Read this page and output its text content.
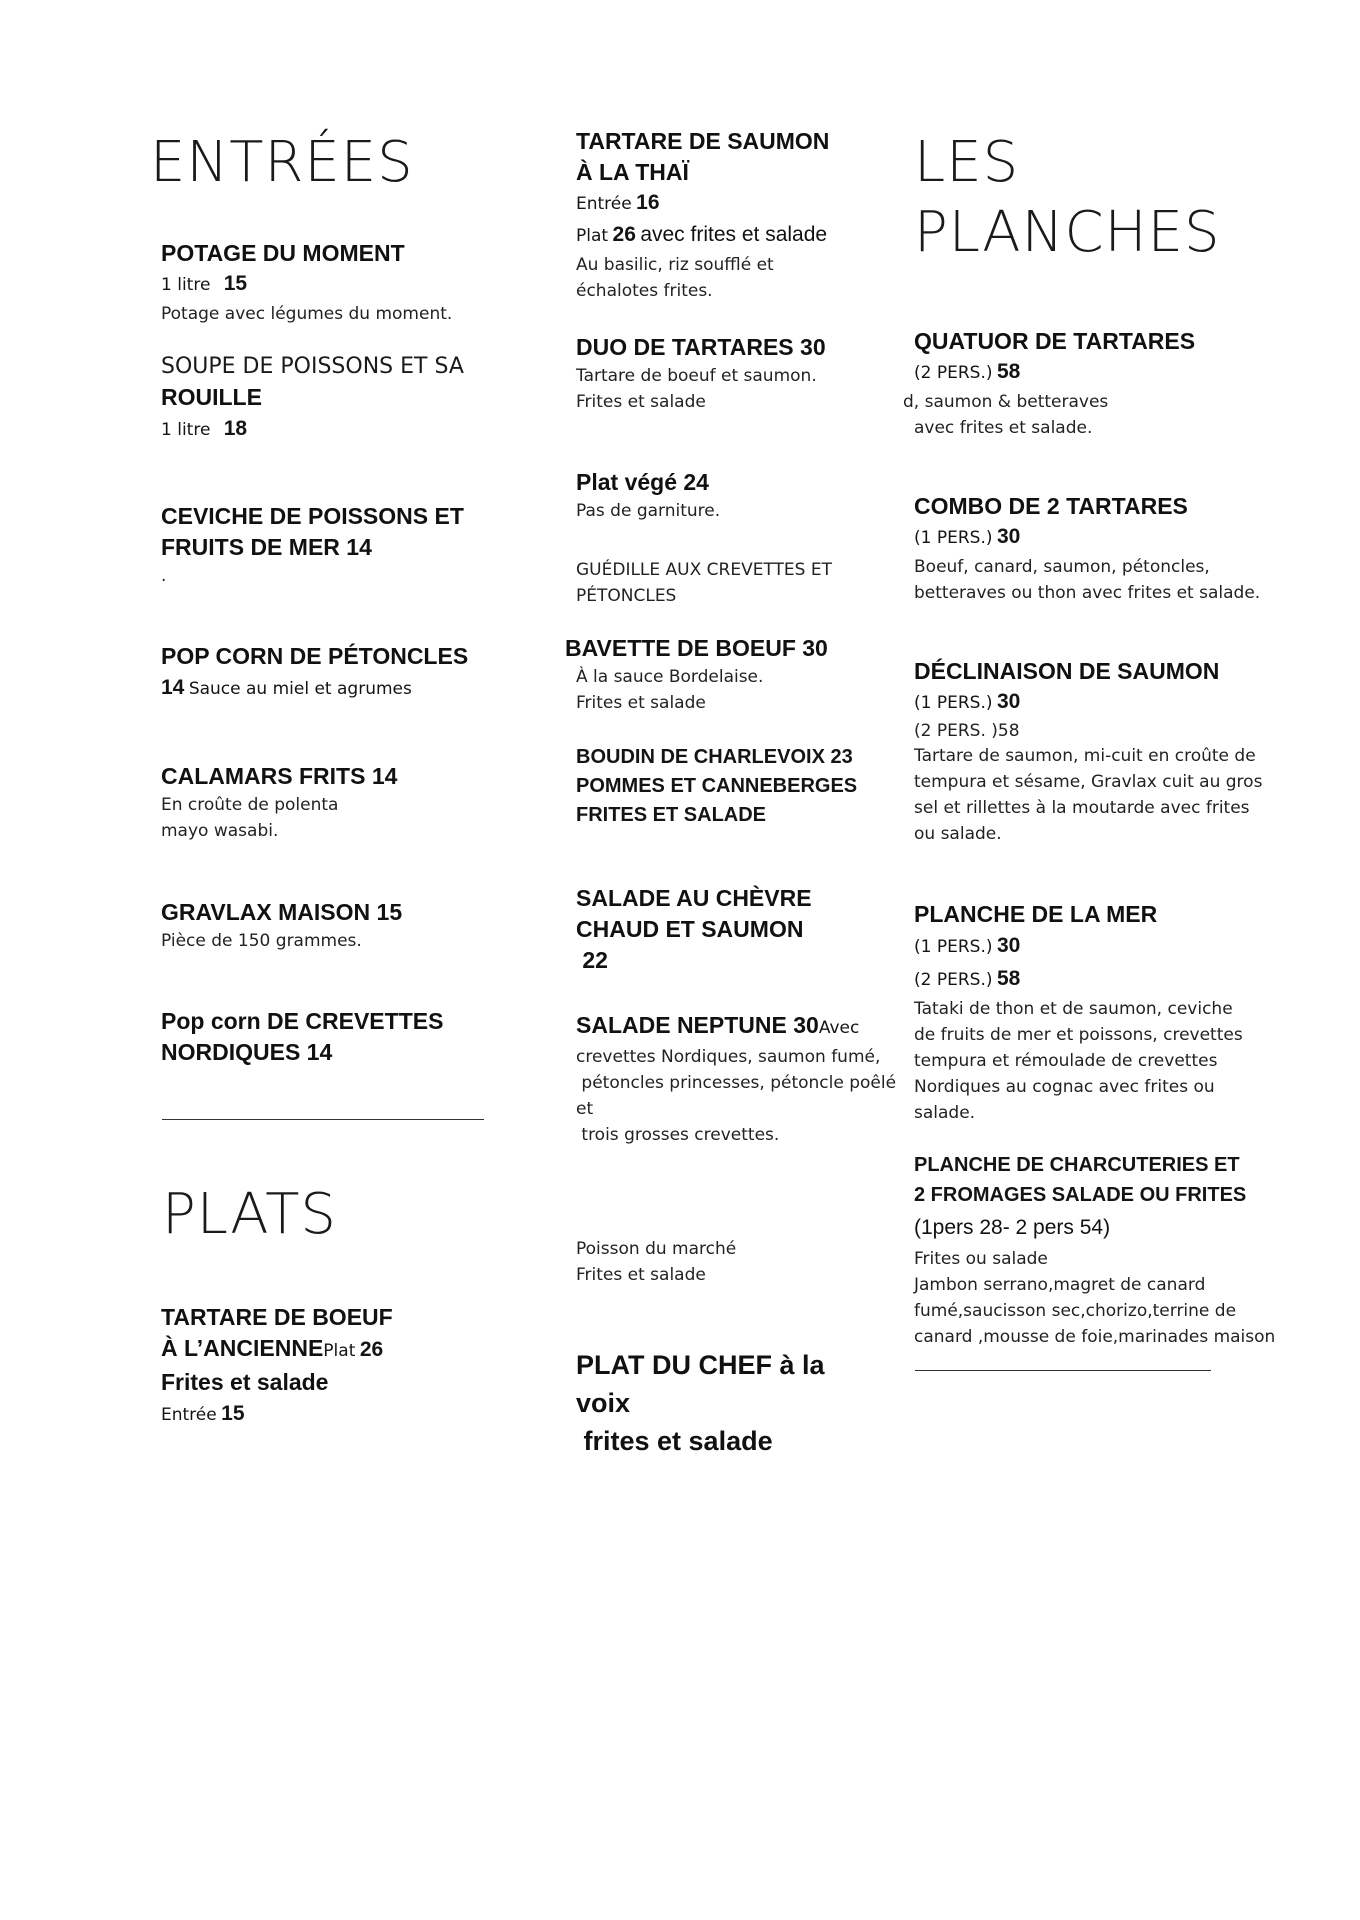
ENTRÉES
POTAGE DU MOMENT
1 litre 15
Potage avec légumes du moment.
SOUPE DE POISSONS ET SA
ROUILLE
1 litre 18
CEVICHE DE POISSONS ET
FRUITS DE MER 14
.
POP CORN DE PÉTONCLES
14 Sauce au miel et agrumes
CALAMARS FRITS 14
En croûte de polenta
mayo wasabi.
GRAVLAX MAISON 15
Pièce de 150 grammes.
Pop corn DE CREVETTES
NORDIQUES 14
PLATS
TARTARE DE BOEUF
À L’ANCIENNEPlat 26
Frites et salade
Entrée 15
TARTARE DE SAUMON
À LA THAÏ
Entrée 16
Plat 26 avec frites et salade
Au basilic, riz soufflé et
échalotes frites.
DUO DE TARTARES 30
Tartare de boeuf et saumon.
Frites et salade
Plat végé 24
Pas de garniture.
GUÉDILLE AUX CREVETTES ET
PÉTONCLES
BAVETTE DE BOEUF 30
À la sauce Bordelaise.
Frites et salade
BOUDIN DE CHARLEVOIX 23
POMMES ET CANNEBERGES
FRITES ET SALADE
SALADE AU CHÈVRE
CHAUD ET SAUMON
22
SALADE NEPTUNE 30Avec
crevettes Nordiques, saumon fumé,
pétoncles princesses, pétoncle poêlé
et
trois grosses crevettes.
Poisson du marché
Frites et salade
PLAT DU CHEF à la
voix
frites et salade
LES
PLANCHES
QUATUOR DE TARTARES
(2 PERS.) 58
d, saumon & betteraves
avec frites et salade.
COMBO DE 2 TARTARES
(1 PERS.) 30
Boeuf, canard, saumon, pétoncles,
betteraves ou thon avec frites et salade.
DÉCLINAISON DE SAUMON
(1 PERS.) 30
(2 PERS. )58
Tartare de saumon, mi-cuit en croûte de
tempura et sésame, Gravlax cuit au gros
sel et rillettes à la moutarde avec frites
ou salade.
PLANCHE DE LA MER
(1 PERS.) 30
(2 PERS.) 58
Tataki de thon et de saumon, ceviche
de fruits de mer et poissons, crevettes
tempura et rémoulade de crevettes
Nordiques au cognac avec frites ou
salade.
PLANCHE DE CHARCUTERIES ET
2 FROMAGES SALADE OU FRITES
(1pers 28- 2 pers 54)
Frites ou salade
Jambon serrano,magret de canard
fumé,saucisson sec,chorizo,terrine de
canard ,mousse de foie,marinades maison
